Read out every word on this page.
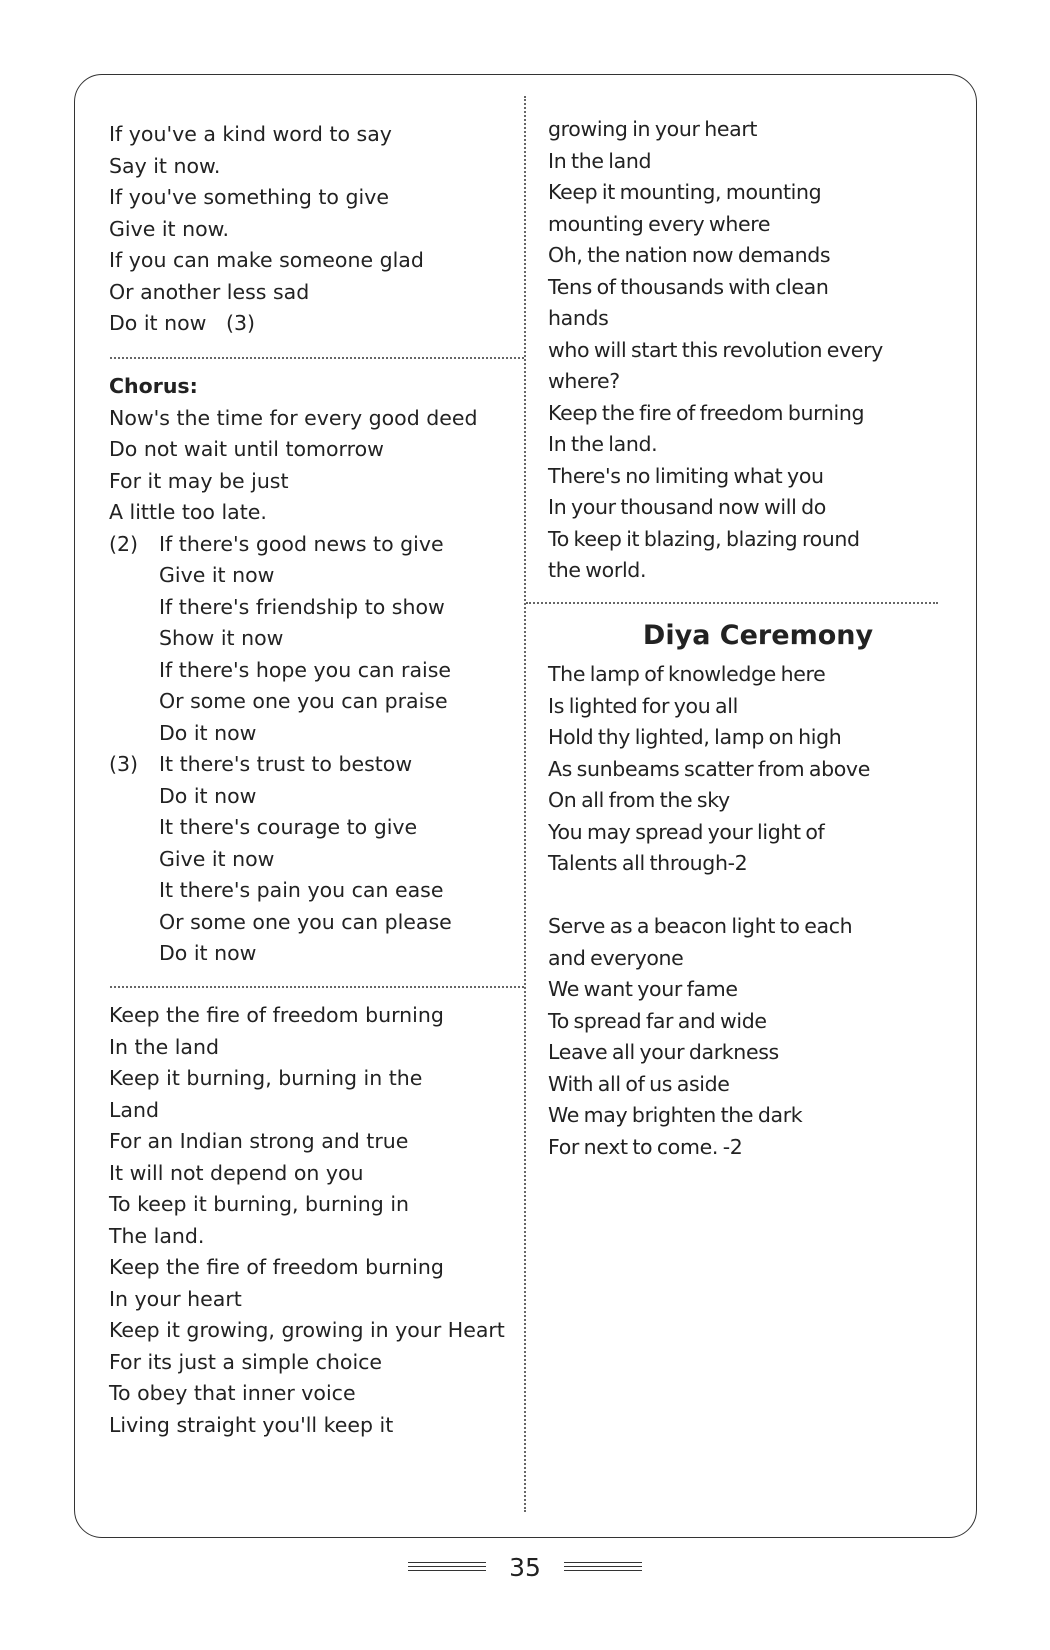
If you've a kind word to say
Say it now.
If you've something to give
Give it now.
If you can make someone glad
Or another less sad
Do it now   (3)
Chorus:
Now's the time for every good deed
Do not wait until tomorrow
For it may be just
A little too late.
(2)	If there's good news to give
Give it now
If there's friendship to show
Show it now
If there's hope you can raise
Or some one you can praise
Do it now
(3)	It there's trust to bestow
Do it now
It there's courage to give
Give it now
It there's pain you can ease
Or some one you can please
Do it now
Keep the fire of freedom burning
In the land
Keep it burning, burning in the
Land
For an Indian strong and true
It will not depend on you
To keep it burning, burning in
The land.
Keep the fire of freedom burning
In your heart
Keep it growing, growing in your Heart
For its just a simple choice
To obey that inner voice
Living straight you'll keep it
growing in your heart
In the land
Keep it mounting, mounting
mounting every where
Oh, the nation now demands
Tens of thousands with clean
hands
who will start this revolution every
where?
Keep the fire of freedom burning
In the land.
There's no limiting what you
In your thousand now will do
To keep it blazing, blazing round
the world.
Diya Ceremony
The lamp of knowledge here
Is lighted for you all
Hold thy lighted, lamp on high
As sunbeams scatter from above
On all from the sky
You may spread your light of
Talents all through-2
Serve as a beacon light to each
and everyone
We want your fame
To spread far and wide
Leave all your darkness
With all of us aside
We may brighten the dark
For next to come. -2
35
